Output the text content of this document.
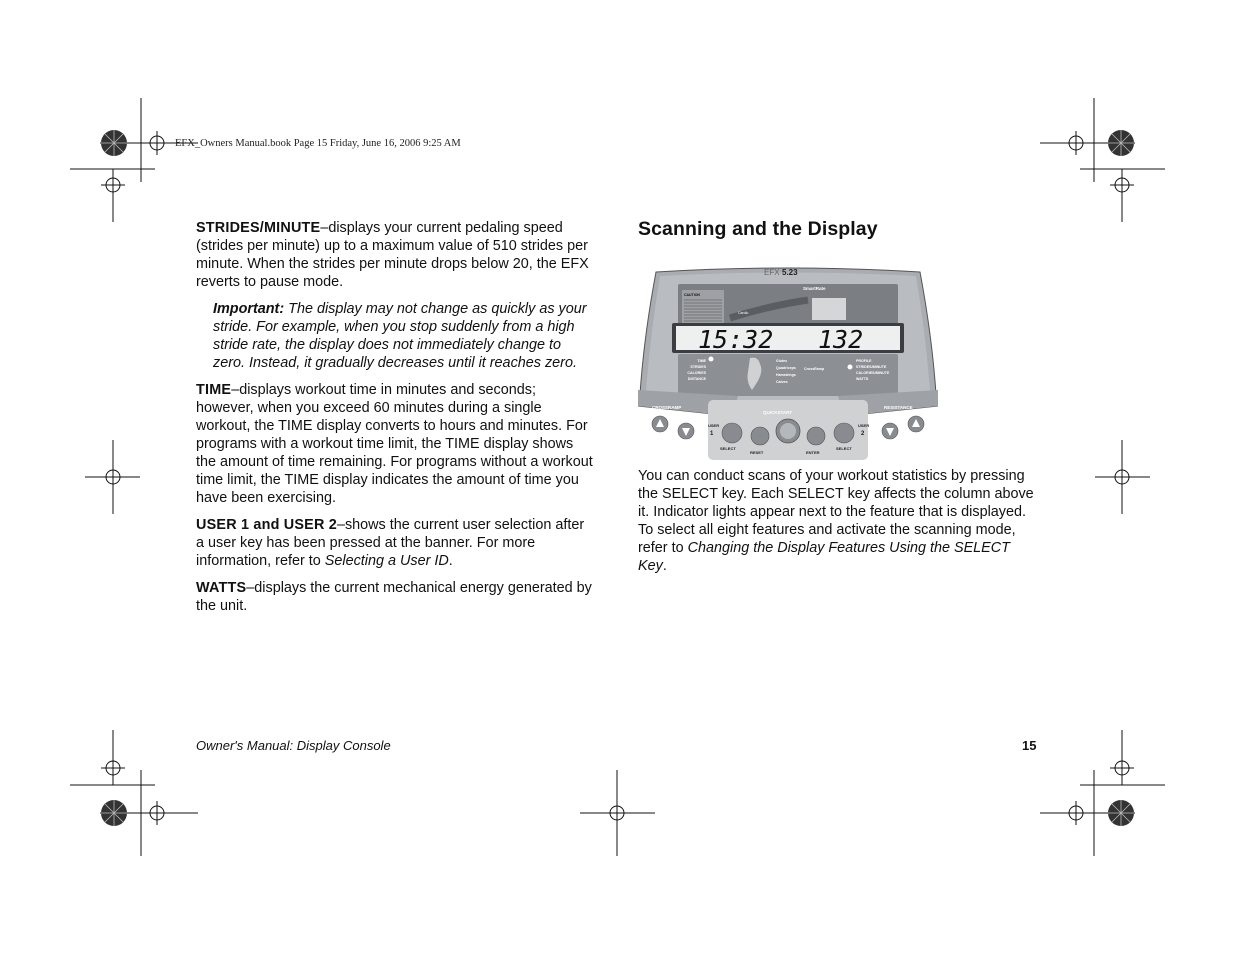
EFX_Owners Manual.book Page 15 Friday, June 16, 2006 9:25 AM

STRIDES/MINUTE–displays your current pedaling speed (strides per minute) up to a maximum value of 510 strides per minute. When the strides per minute drops below 20, the EFX reverts to pause mode.

Important: The display may not change as quickly as your stride. For example, when you stop suddenly from a high stride rate, the display does not immediately change to zero. Instead, it gradually decreases until it reaches zero.

TIME–displays workout time in minutes and seconds; however, when you exceed 60 minutes during a single workout, the TIME display converts to hours and minutes. For programs with a workout time limit, the TIME display shows the amount of time remaining. For programs without a workout time limit, the TIME display indicates the amount of time you have been exercising.

USER 1 and USER 2–shows the current user selection after a user key has been pressed at the banner. For more information, refer to Selecting a User ID.

WATTS–displays the current mechanical energy generated by the unit.

Scanning and the Display
EFX 5.23
CAUTION
SmartRate
Cardio
15:32 132
TIME
STRIDES
CALORIES
DISTANCE
PROFILE
STRIDES/MINUTE
CALORIES/MINUTE
WATTS
Glutes
Quadriceps
Hamstrings
Calves
CrossRamp
CROSSRAMP	RESISTANCE
QUICKSTART
USER
1
USER
2
SELECT
RESET	ENTER
SELECT

You can conduct scans of your workout statistics by pressing the SELECT key. Each SELECT key affects the column above it. Indicator lights appear next to the feature that is displayed. To select all eight features and activate the scanning mode, refer to Changing the Display Features Using the SELECT Key.

Owner's Manual: Display Console	15
